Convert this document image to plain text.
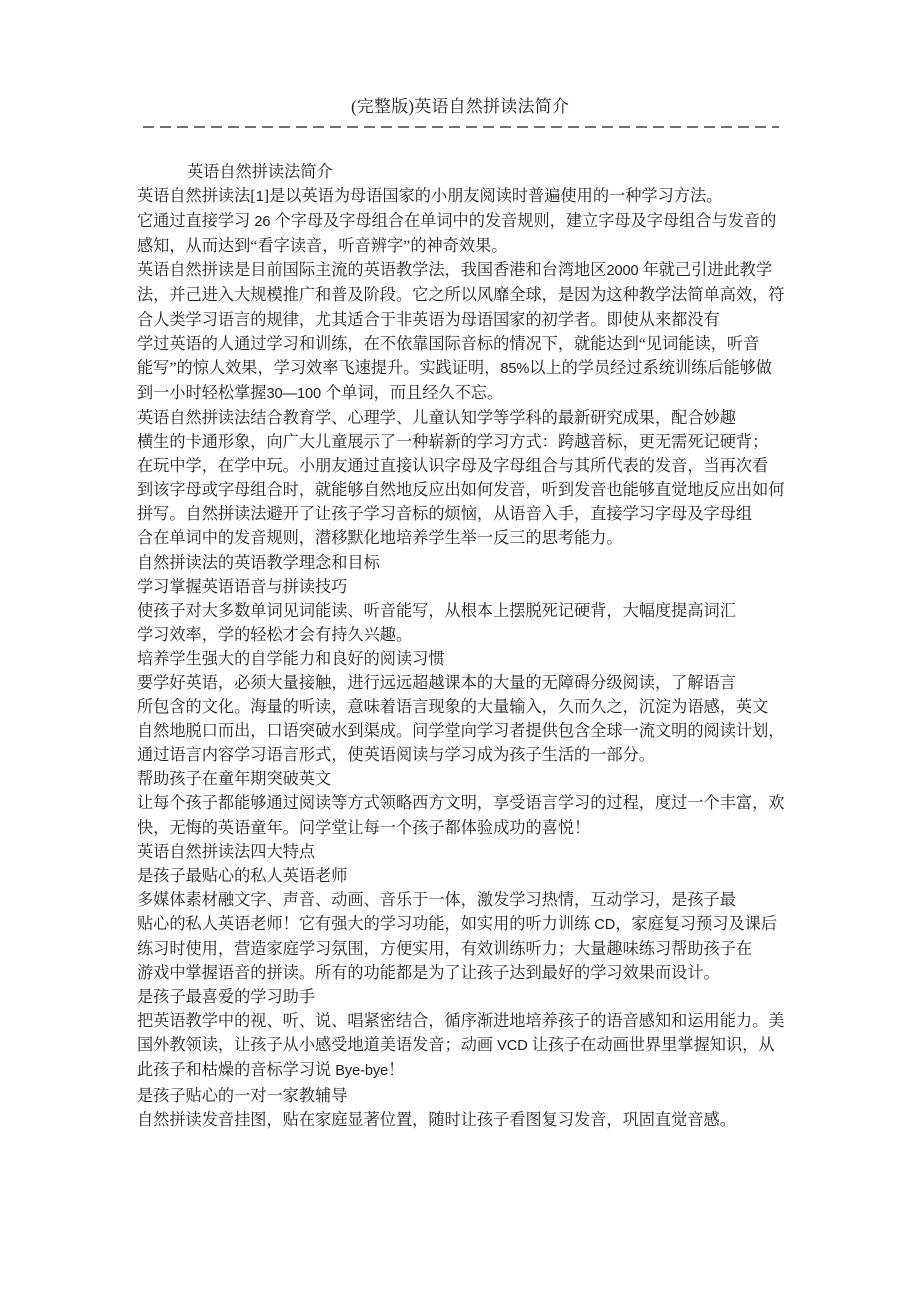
(完整版)英语自然拼读法简介
英语自然拼读法简介
英语自然拼读法[1]是以英语为母语国家的小朋友阅读时普遍使用的一种学习方法。
它通过直接学习 26 个字母及字母组合在单词中的发音规则，建立字母及字母组合与发音的
感知，从而达到“看字读音，听音辨字”的神奇效果。
英语自然拼读是目前国际主流的英语教学法，我国香港和台湾地区2000 年就己引进此教学
法，并己进入大规模推广和普及阶段。它之所以风靡全球，是因为这种教学法简单高效，符
合人类学习语言的规律，尤其适合于非英语为母语国家的初学者。即使从来都没有
学过英语的人通过学习和训练，在不依靠国际音标的情况下，就能达到“见词能读，听音
能写”的惊人效果，学习效率飞速提升。实践证明，85%以上的学员经过系统训练后能够做
到一小时轻松掌握30—100 个单词，而且经久不忘。
英语自然拼读法结合教育学、心理学、儿童认知学等学科的最新研究成果，配合妙趣
横生的卡通形象，向广大儿童展示了一种崭新的学习方式：跨越音标，更无需死记硬背；
在玩中学，在学中玩。小朋友通过直接认识字母及字母组合与其所代表的发音，当再次看
到该字母或字母组合时，就能够自然地反应出如何发音，听到发音也能够直觉地反应出如何
拼写。自然拼读法避开了让孩子学习音标的烦恼，从语音入手，直接学习字母及字母组
合在单词中的发音规则，潜移默化地培养学生举一反三的思考能力。
自然拼读法的英语教学理念和目标
学习掌握英语语音与拼读技巧
使孩子对大多数单词见词能读、听音能写，从根本上摆脱死记硬背，大幅度提高词汇
学习效率，学的轻松才会有持久兴趣。
培养学生强大的自学能力和良好的阅读习惯
要学好英语，必须大量接触，进行远远超越课本的大量的无障碍分级阅读，了解语言
所包含的文化。海量的听读，意味着语言现象的大量输入，久而久之，沉淀为语感，英文
自然地脱口而出，口语突破水到渠成。问学堂向学习者提供包含全球一流文明的阅读计划，
通过语言内容学习语言形式，使英语阅读与学习成为孩子生活的一部分。
帮助孩子在童年期突破英文
让每个孩子都能够通过阅读等方式领略西方文明，享受语言学习的过程，度过一个丰富，欢
快，无悔的英语童年。问学堂让每一个孩子都体验成功的喜悦！
英语自然拼读法四大特点
是孩子最贴心的私人英语老师
多媒体素材融文字、声音、动画、音乐于一体，激发学习热情，互动学习，是孩子最
贴心的私人英语老师！它有强大的学习功能，如实用的听力训练 CD，家庭复习预习及课后
练习时使用，营造家庭学习氛围，方便实用，有效训练听力；大量趣味练习帮助孩子在
游戏中掌握语音的拼读。所有的功能都是为了让孩子达到最好的学习效果而设计。
是孩子最喜爱的学习助手
把英语教学中的视、听、说、唱紧密结合，循序渐进地培养孩子的语音感知和运用能力。美
国外教领读，让孩子从小感受地道美语发音；动画 VCD 让孩子在动画世界里掌握知识，从
此孩子和枯燥的音标学习说 Bye-bye！
是孩子贴心的一对一家教辅导
自然拼读发音挂图，贴在家庭显著位置，随时让孩子看图复习发音，巩固直觉音感。
